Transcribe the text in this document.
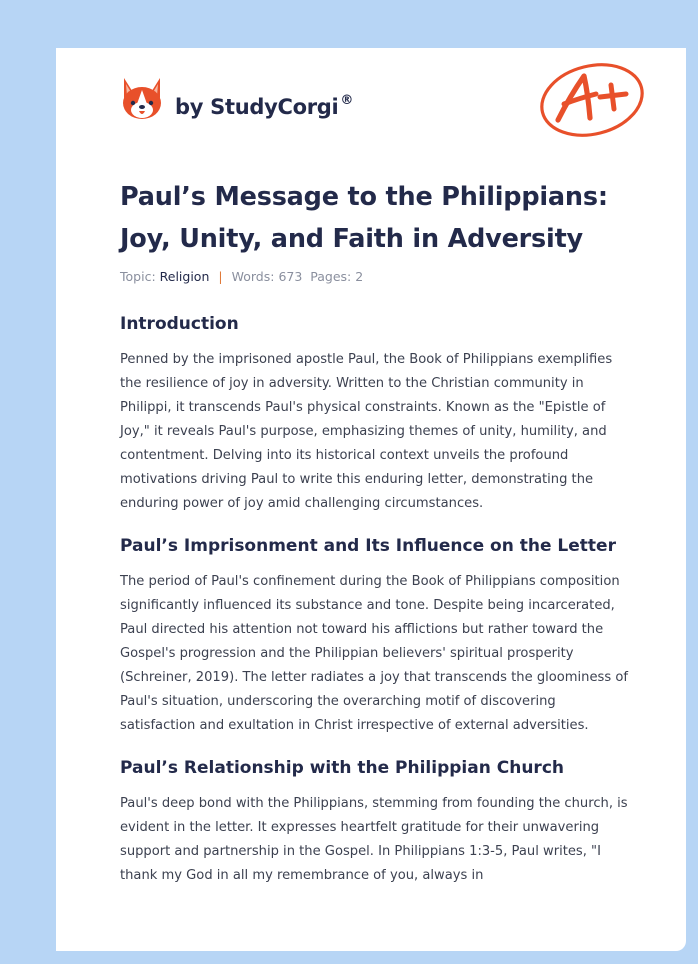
by StudyCorgi ®
Paul’s Message to the Philippians: Joy, Unity, and Faith in Adversity
Topic: Religion | Words: 673 Pages: 2
Introduction

Penned by the imprisoned apostle Paul, the Book of Philippians exemplifies the resilience of joy in adversity. Written to the Christian community in Philippi, it transcends Paul's physical constraints. Known as the "Epistle of Joy," it reveals Paul's purpose, emphasizing themes of unity, humility, and contentment. Delving into its historical context unveils the profound motivations driving Paul to write this enduring letter, demonstrating the enduring power of joy amid challenging circumstances.

Paul’s Imprisonment and Its Influence on the Letter

The period of Paul's confinement during the Book of Philippians composition significantly influenced its substance and tone. Despite being incarcerated, Paul directed his attention not toward his afflictions but rather toward the Gospel's progression and the Philippian believers' spiritual prosperity (Schreiner, 2019). The letter radiates a joy that transcends the gloominess of Paul's situation, underscoring the overarching motif of discovering satisfaction and exultation in Christ irrespective of external adversities.

Paul’s Relationship with the Philippian Church

Paul's deep bond with the Philippians, stemming from founding the church, is evident in the letter. It expresses heartfelt gratitude for their unwavering support and partnership in the Gospel. In Philippians 1:3-5, Paul writes, "I thank my God in all my remembrance of you, always in
